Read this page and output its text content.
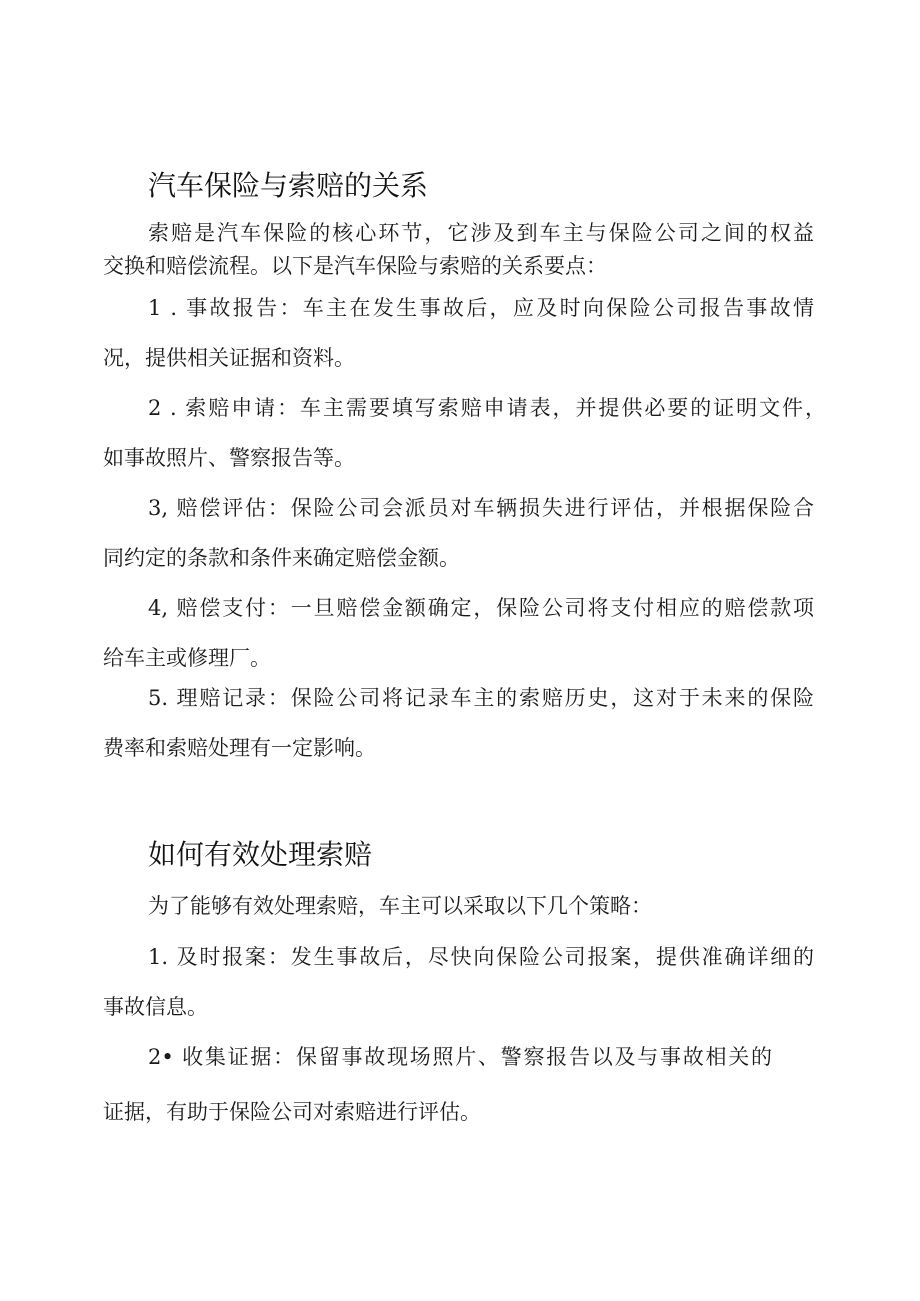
汽车保险与索赔的关系

索赔是汽车保险的核心环节，它涉及到车主与保险公司之间的权益

交换和赔偿流程。以下是汽车保险与索赔的关系要点：

1 . 事故报告：车主在发生事故后，应及时向保险公司报告事故情

况，提供相关证据和资料。

2 . 索赔申请：车主需要填写索赔申请表，并提供必要的证明文件，

如事故照片、警察报告等。

3, 赔偿评估：保险公司会派员对车辆损失进行评估，并根据保险合

同约定的条款和条件来确定赔偿金额。

4, 赔偿支付：一旦赔偿金额确定，保险公司将支付相应的赔偿款项

给车主或修理厂。

5. 理赔记录：保险公司将记录车主的索赔历史，这对于未来的保险

费率和索赔处理有一定影响。

如何有效处理索赔

为了能够有效处理索赔，车主可以采取以下几个策略：

1. 及时报案：发生事故后，尽快向保险公司报案，提供准确详细的

事故信息。

2• 收集证据：保留事故现场照片、警察报告以及与事故相关的

证据，有助于保险公司对索赔进行评估。
